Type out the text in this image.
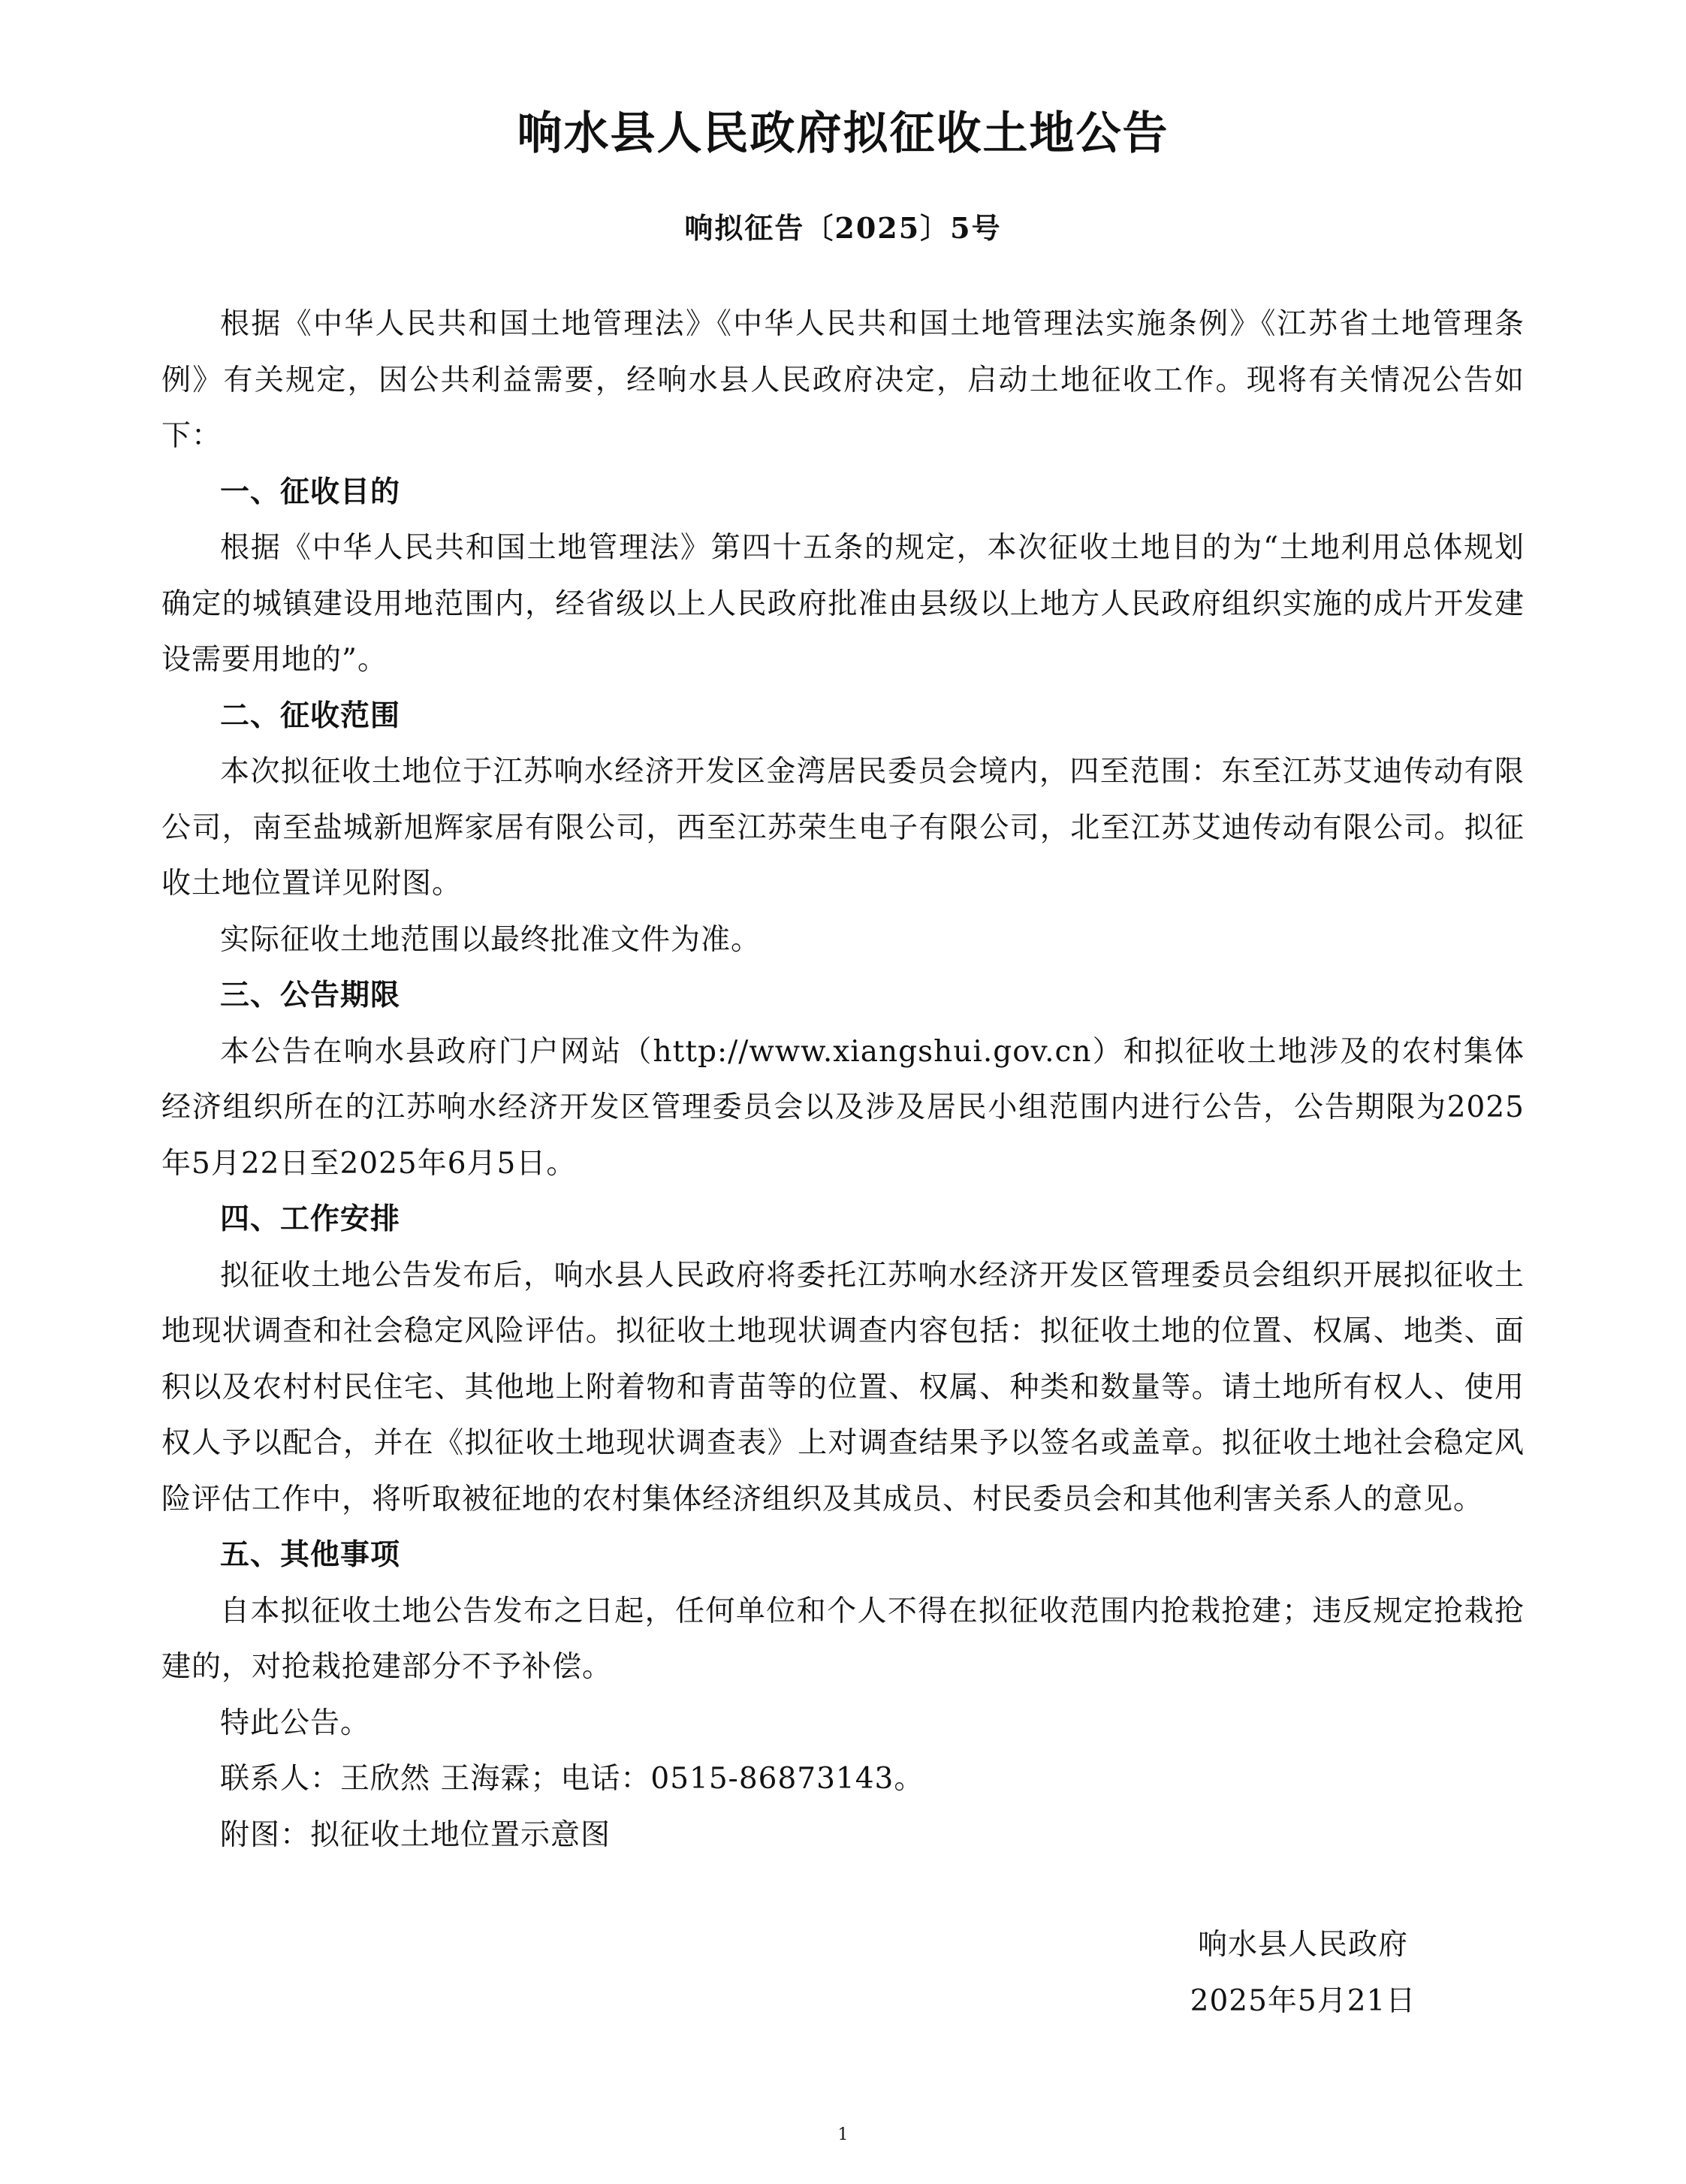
响水县人民政府拟征收土地公告
响拟征告〔2025〕5号

根据《中华人民共和国土地管理法》《中华人民共和国土地管理法实施条例》《江苏省土地管理条例》有关规定，因公共利益需要，经响水县人民政府决定，启动土地征收工作。现将有关情况公告如下：

一、征收目的

根据《中华人民共和国土地管理法》第四十五条的规定，本次征收土地目的为“土地利用总体规划确定的城镇建设用地范围内，经省级以上人民政府批准由县级以上地方人民政府组织实施的成片开发建设需要用地的”。

二、征收范围

本次拟征收土地位于江苏响水经济开发区金湾居民委员会境内，四至范围：东至江苏艾迪传动有限公司，南至盐城新旭辉家居有限公司，西至江苏荣生电子有限公司，北至江苏艾迪传动有限公司。拟征收土地位置详见附图。

实际征收土地范围以最终批准文件为准。

三、公告期限

本公告在响水县政府门户网站（http://www.xiangshui.gov.cn）和拟征收土地涉及的农村集体经济组织所在的江苏响水经济开发区管理委员会以及涉及居民小组范围内进行公告，公告期限为2025年5月22日至2025年6月5日。

四、工作安排

拟征收土地公告发布后，响水县人民政府将委托江苏响水经济开发区管理委员会组织开展拟征收土地现状调查和社会稳定风险评估。拟征收土地现状调查内容包括：拟征收土地的位置、权属、地类、面积以及农村村民住宅、其他地上附着物和青苗等的位置、权属、种类和数量等。请土地所有权人、使用权人予以配合，并在《拟征收土地现状调查表》上对调查结果予以签名或盖章。拟征收土地社会稳定风险评估工作中，将听取被征地的农村集体经济组织及其成员、村民委员会和其他利害关系人的意见。

五、其他事项

自本拟征收土地公告发布之日起，任何单位和个人不得在拟征收范围内抢栽抢建；违反规定抢栽抢建的，对抢栽抢建部分不予补偿。

特此公告。

联系人：王欣然 王海霖；电话：0515-86873143。

附图：拟征收土地位置示意图

响水县人民政府
2025年5月21日
1
